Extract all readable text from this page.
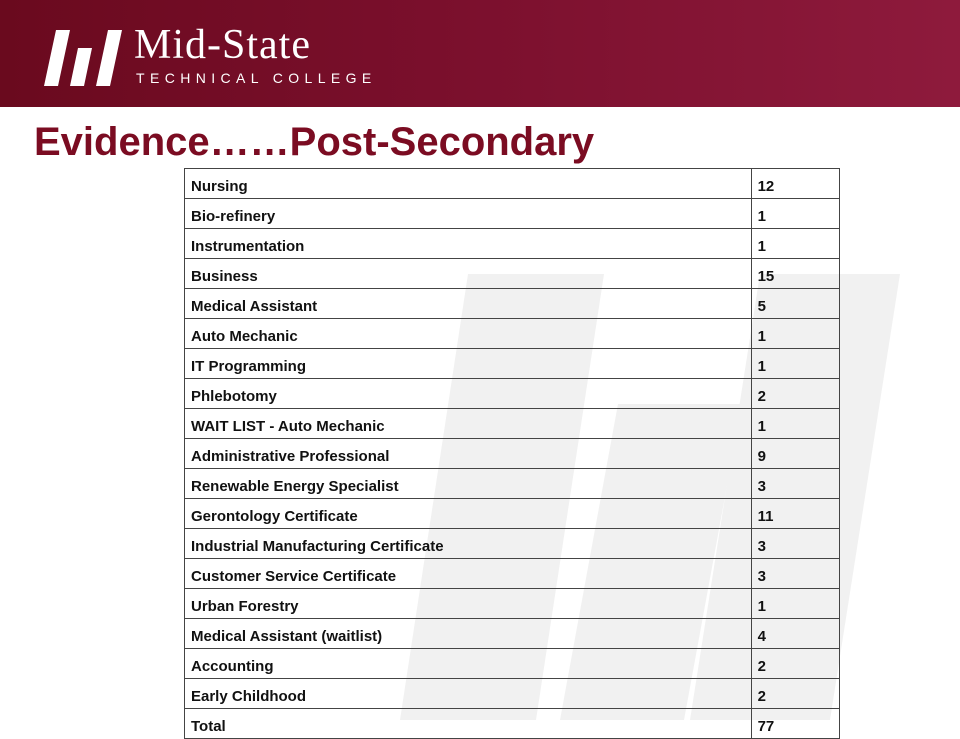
Mid-State
TECHNICAL COLLEGE
Evidence……Post-Secondary
Nursing	12
Bio-refinery	1
Instrumentation	1
Business	15
Medical Assistant	5
Auto Mechanic	1
IT Programming	1
Phlebotomy	2
WAIT LIST - Auto Mechanic	1
Administrative Professional	9
Renewable Energy Specialist	3
Gerontology Certificate	11
Industrial Manufacturing Certificate	3
Customer Service Certificate	3
Urban Forestry	1
Medical Assistant (waitlist)	4
Accounting	2
Early Childhood	2
Total	77
